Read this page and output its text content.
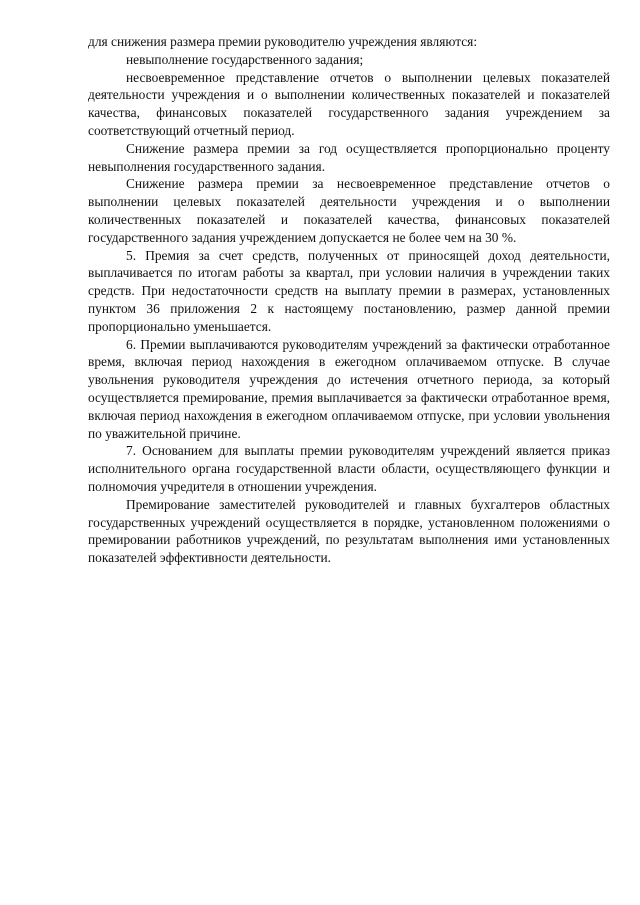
для снижения размера премии руководителю учреждения являются:

невыполнение государственного задания;

несвоевременное представление отчетов о выполнении целевых показателей деятельности учреждения и о выполнении количественных показателей и показателей качества, финансовых показателей государственного задания учреждением за соответствующий отчетный период.

Снижение размера премии за год осуществляется пропорционально проценту невыполнения государственного задания.

Снижение размера премии за несвоевременное представление отчетов о выполнении целевых показателей деятельности учреждения и о выполнении количественных показателей и показателей качества, финансовых показателей государственного задания учреждением допускается не более чем на 30 %.

5. Премия за счет средств, полученных от приносящей доход деятельности, выплачивается по итогам работы за квартал, при условии наличия в учреждении таких средств. При недостаточности средств на выплату премии в размерах, установленных пунктом 36 приложения 2 к настоящему постановлению, размер данной премии пропорционально уменьшается.

6. Премии выплачиваются руководителям учреждений за фактически отработанное время, включая период нахождения в ежегодном оплачиваемом отпуске. В случае увольнения руководителя учреждения до истечения отчетного периода, за который осуществляется премирование, премия выплачивается за фактически отработанное время, включая период нахождения в ежегодном оплачиваемом отпуске, при условии увольнения по уважительной причине.

7. Основанием для выплаты премии руководителям учреждений является приказ исполнительного органа государственной власти области, осуществляющего функции и полномочия учредителя в отношении учреждения.

Премирование заместителей руководителей и главных бухгалтеров областных государственных учреждений осуществляется в порядке, установленном положениями о премировании работников учреждений, по результатам выполнения ими установленных показателей эффективности деятельности.
